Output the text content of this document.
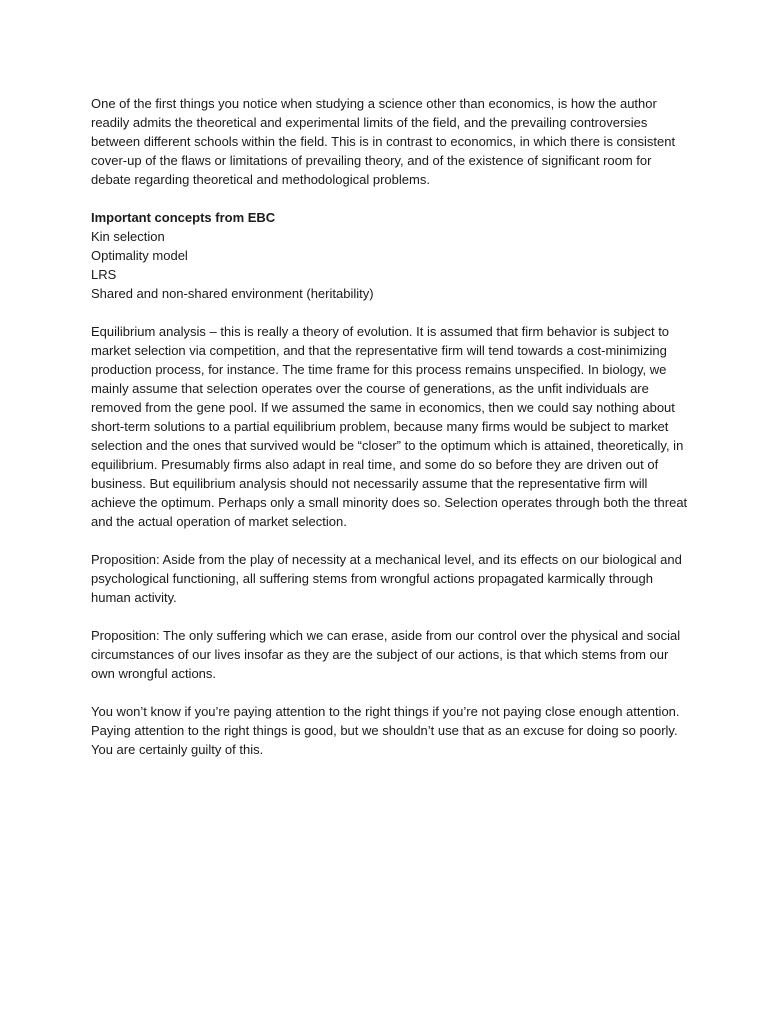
One of the first things you notice when studying a science other than economics, is how the author readily admits the theoretical and experimental limits of the field, and the prevailing controversies between different schools within the field. This is in contrast to economics, in which there is consistent cover-up of the flaws or limitations of prevailing theory, and of the existence of significant room for debate regarding theoretical and methodological problems.

Important concepts from EBC

Kin selection

Optimality model

LRS

Shared and non-shared environment (heritability)

Equilibrium analysis – this is really a theory of evolution. It is assumed that firm behavior is subject to market selection via competition, and that the representative firm will tend towards a cost-minimizing production process, for instance. The time frame for this process remains unspecified. In biology, we mainly assume that selection operates over the course of generations, as the unfit individuals are removed from the gene pool. If we assumed the same in economics, then we could say nothing about short-term solutions to a partial equilibrium problem, because many firms would be subject to market selection and the ones that survived would be “closer” to the optimum which is attained, theoretically, in equilibrium. Presumably firms also adapt in real time, and some do so before they are driven out of business. But equilibrium analysis should not necessarily assume that the representative firm will achieve the optimum. Perhaps only a small minority does so. Selection operates through both the threat and the actual operation of market selection.

Proposition: Aside from the play of necessity at a mechanical level, and its effects on our biological and psychological functioning, all suffering stems from wrongful actions propagated karmically through human activity.

Proposition: The only suffering which we can erase, aside from our control over the physical and social circumstances of our lives insofar as they are the subject of our actions, is that which stems from our own wrongful actions.

You won’t know if you’re paying attention to the right things if you’re not paying close enough attention. Paying attention to the right things is good, but we shouldn’t use that as an excuse for doing so poorly. You are certainly guilty of this.
